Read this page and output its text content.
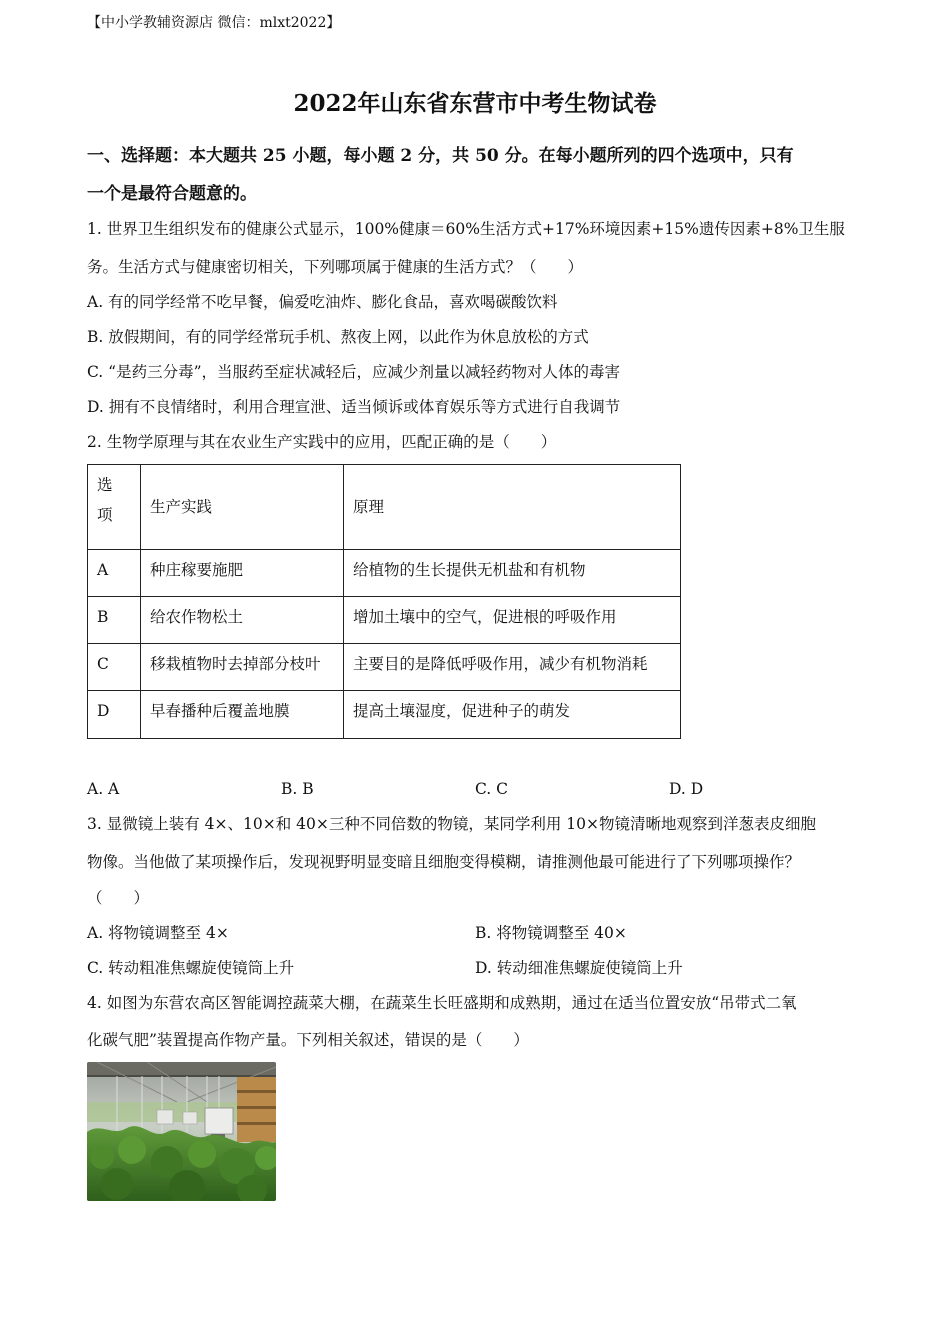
【中小学教辅资源店 微信：mlxt2022】
2022年山东省东营市中考生物试卷
一、选择题：本大题共 25 小题，每小题 2 分，共 50 分。在每小题所列的四个选项中，只有
一个是最符合题意的。
1. 世界卫生组织发布的健康公式显示，100%健康＝60%生活方式+17%环境因素+15%遗传因素+8%卫生服
务。生活方式与健康密切相关，下列哪项属于健康的生活方式？（　　）
A. 有的同学经常不吃早餐，偏爱吃油炸、膨化食品，喜欢喝碳酸饮料
B. 放假期间，有的同学经常玩手机、熬夜上网，以此作为休息放松的方式
C. “是药三分毒”，当服药至症状减轻后，应减少剂量以减轻药物对人体的毒害
D. 拥有不良情绪时，利用合理宣泄、适当倾诉或体育娱乐等方式进行自我调节
2. 生物学原理与其在农业生产实践中的应用，匹配正确的是（　　）
选
项	生产实践	原理
A	种庄稼要施肥	给植物的生长提供无机盐和有机物
B	给农作物松土	增加土壤中的空气，促进根的呼吸作用
C	移栽植物时去掉部分枝叶	主要目的是降低呼吸作用，减少有机物消耗
D	早春播种后覆盖地膜	提高土壤湿度，促进种子的萌发
A. A	B. B	C. C	D. D
3. 显微镜上装有 4×、10×和 40×三种不同倍数的物镜，某同学利用 10×物镜清晰地观察到洋葱表皮细胞
物像。当他做了某项操作后，发现视野明显变暗且细胞变得模糊，请推测他最可能进行了下列哪项操作？
（　　）
A. 将物镜调整至 4×	B. 将物镜调整至 40×
C. 转动粗准焦螺旋使镜筒上升	D. 转动细准焦螺旋使镜筒上升
4. 如图为东营农高区智能调控蔬菜大棚，在蔬菜生长旺盛期和成熟期，通过在适当位置安放“吊带式二氧
化碳气肥”装置提高作物产量。下列相关叙述，错误的是（　　）
